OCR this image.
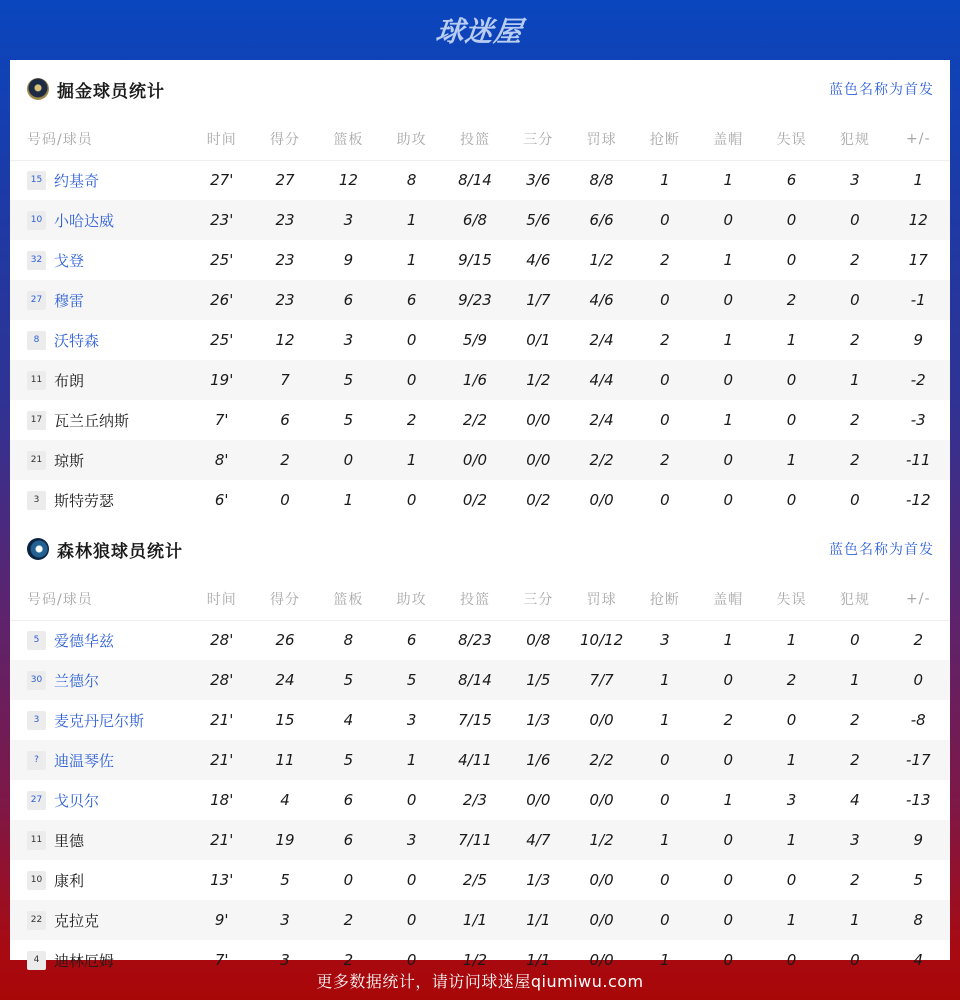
球迷屋
掘金球员统计	蓝色名称为首发
号码/球员	时间	得分	篮板	助攻	投篮	三分	罚球	抢断	盖帽	失误	犯规	+/-
15 约基奇	27'	27	12	8	8/14	3/6	8/8	1	1	6	3	1
10 小哈达威	23'	23	3	1	6/8	5/6	6/6	0	0	0	0	12
32 戈登	25'	23	9	1	9/15	4/6	1/2	2	1	0	2	17
27 穆雷	26'	23	6	6	9/23	1/7	4/6	0	0	2	0	-1
8 沃特森	25'	12	3	0	5/9	0/1	2/4	2	1	1	2	9
11 布朗	19'	7	5	0	1/6	1/2	4/4	0	0	0	1	-2
17 瓦兰丘纳斯	7'	6	5	2	2/2	0/0	2/4	0	1	0	2	-3
21 琼斯	8'	2	0	1	0/0	0/0	2/2	2	0	1	2	-11
3 斯特劳瑟	6'	0	1	0	0/2	0/2	0/0	0	0	0	0	-12
森林狼球员统计	蓝色名称为首发
号码/球员	时间	得分	篮板	助攻	投篮	三分	罚球	抢断	盖帽	失误	犯规	+/-
5 爱德华兹	28'	26	8	6	8/23	0/8	10/12	3	1	1	0	2
30 兰德尔	28'	24	5	5	8/14	1/5	7/7	1	0	2	1	0
3 麦克丹尼尔斯	21'	15	4	3	7/15	1/3	0/0	1	2	0	2	-8
? 迪温琴佐	21'	11	5	1	4/11	1/6	2/2	0	0	1	2	-17
27 戈贝尔	18'	4	6	0	2/3	0/0	0/0	0	1	3	4	-13
11 里德	21'	19	6	3	7/11	4/7	1/2	1	0	1	3	9
10 康利	13'	5	0	0	2/5	1/3	0/0	0	0	0	2	5
22 克拉克	9'	3	2	0	1/1	1/1	0/0	0	0	1	1	8
4 迪林厄姆	7'	3	2	0	1/2	1/1	0/0	1	0	0	0	4
更多数据统计，请访问球迷屋qiumiwu.com
